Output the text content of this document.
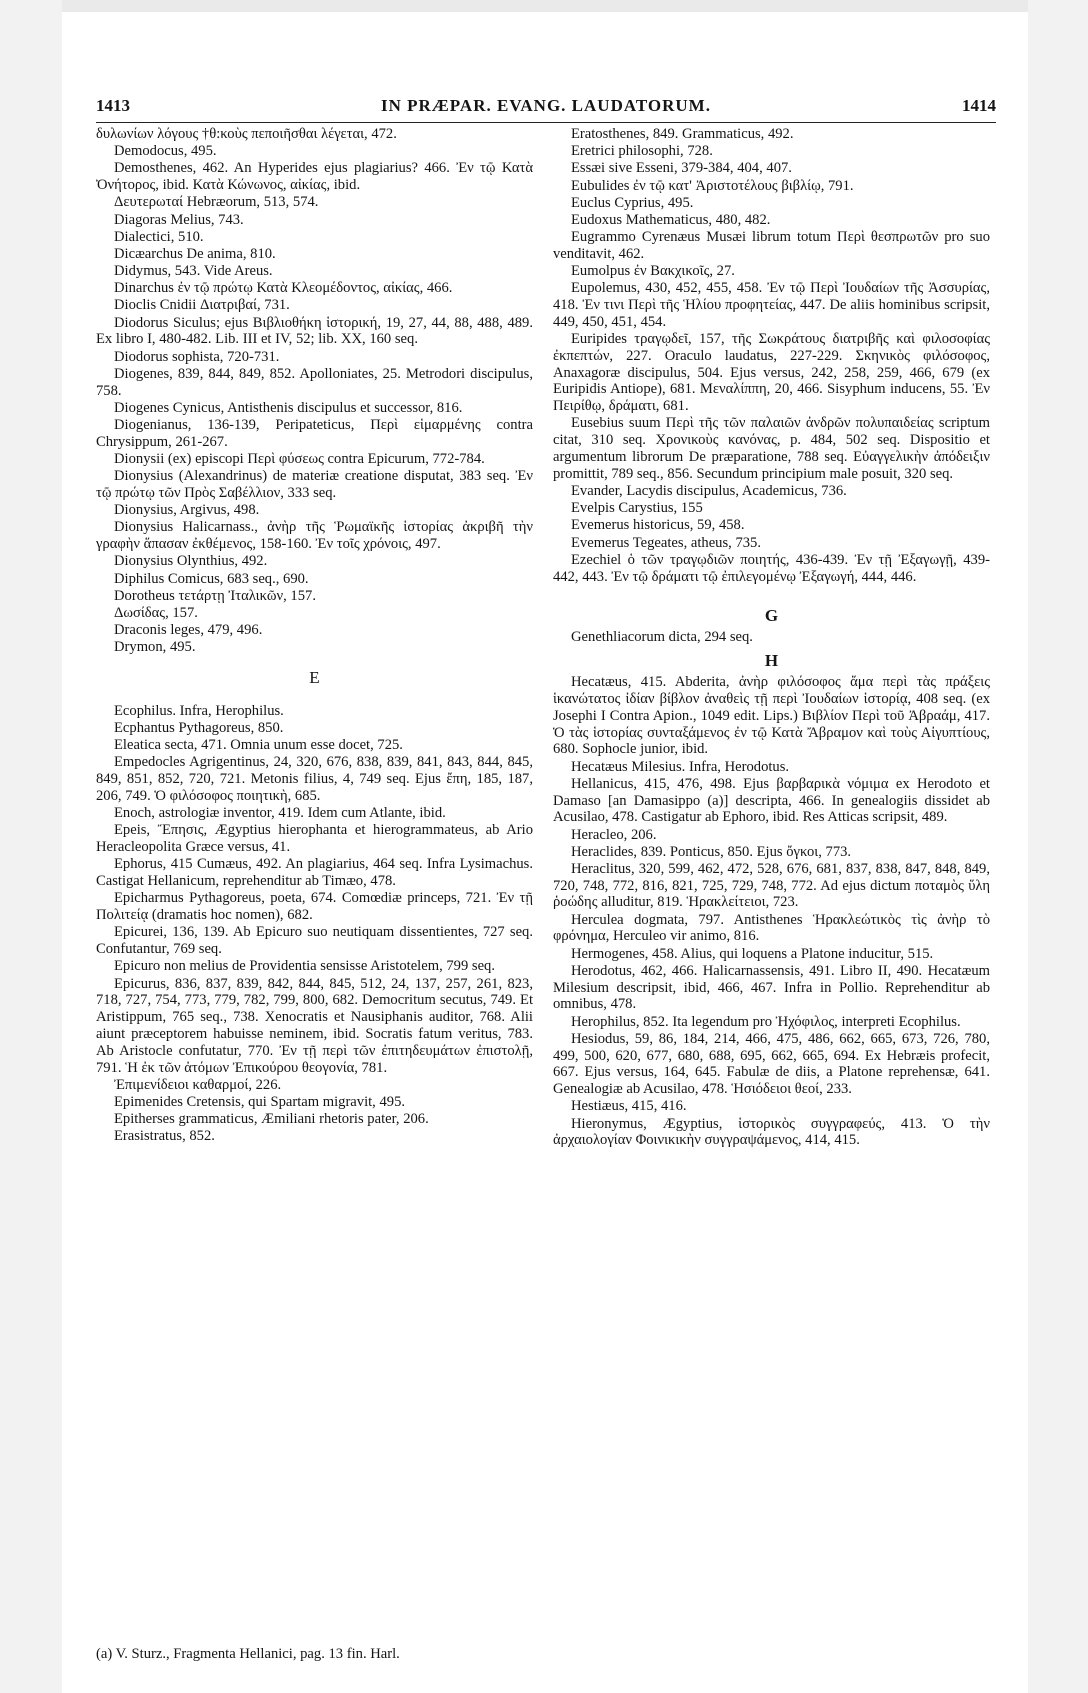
1413	IN PRÆPAR. EVANG. LAUDATORUM.	1414
δυλωνίων λόγους †θ:κοὺς πεποιῆσθαι λέγεται, 472.
Demodocus, 495.
Demosthenes, 462. An Hyperides ejus plagiarius? 466. Ἐν τῷ Κατὰ Ὀνήτορος, ibid. Κατὰ Κώνωνος, αἰκίας, ibid.
Δευτερωταί Hebræorum, 513, 574.
Diagoras Melius, 743.
Dialectici, 510.
Dicæarchus De anima, 810.
Didymus, 543. Vide Areus.
Dinarchus ἐν τῷ πρώτῳ Κατὰ Κλεομέδοντος, αἰκίας, 466.
Dioclis Cnidii Διατριβαί, 731.
Diodorus Siculus; ejus Βιβλιοθήκη ἱστορική, 19, 27, 44, 88, 488, 489. Ex libro I, 480-482. Lib. III et IV, 52; lib. XX, 160 seq.
Diodorus sophista, 720-731.
Diogenes, 839, 844, 849, 852. Apolloniates, 25. Metrodori discipulus, 758.
Diogenes Cynicus, Antisthenis discipulus et successor, 816.
Diogenianus, 136-139, Peripateticus, Περὶ εἱμαρμένης contra Chrysippum, 261-267.
Dionysii (ex) episcopi Περὶ φύσεως contra Epicurum, 772-784.
Dionysius (Alexandrinus) de materiæ creatione disputat, 383 seq. Ἐν τῷ πρώτῳ τῶν Πρὸς Σαβέλλιον, 333 seq.
Dionysius, Argivus, 498.
Dionysius Halicarnass., ἀνὴρ τῆς Ῥωμαϊκῆς ἱστορίας ἀκριβῆ τὴν γραφὴν ἅπασαν ἐκθέμενος, 158-160. Ἐν τοῖς χρόνοις, 497.
Dionysius Olynthius, 492.
Diphilus Comicus, 683 seq., 690.
Dorotheus τετάρτῃ Ἰταλικῶν, 157.
Δωσίδας, 157.
Draconis leges, 479, 496.
Drymon, 495.
E
Ecophilus. Infra, Herophilus.
Ecphantus Pythagoreus, 850.
Eleatica secta, 471. Omnia unum esse docet, 725.
Empedocles Agrigentinus, 24, 320, 676, 838, 839, 841, 843, 844, 845, 849, 851, 852, 720, 721. Metonis filius, 4, 749 seq. Ejus ἔπη, 185, 187, 206, 749. Ὁ φιλόσοφος ποιητικὴ, 685.
Enoch, astrologiæ inventor, 419. Idem cum Atlante, ibid.
Epeis, Ἔπησις, Ægyptius hierophanta et hierogrammateus, ab Ario Heracleopolita Græce versus, 41.
Ephorus, 415 Cumæus, 492. An plagiarius, 464 seq. Infra Lysimachus. Castigat Hellanicum, reprehenditur ab Timæo, 478.
Epicharmus Pythagoreus, poeta, 674. Comœdiæ princeps, 721. Ἐν τῇ Πολιτείᾳ (dramatis hoc nomen), 682.
Epicurei, 136, 139. Ab Epicuro suo neutiquam dissentientes, 727 seq. Confutantur, 769 seq.
Epicuro non melius de Providentia sensisse Aristotelem, 799 seq.
Epicurus, 836, 837, 839, 842, 844, 845, 512, 24, 137, 257, 261, 823, 718, 727, 754, 773, 779, 782, 799, 800, 682. Democritum secutus, 749. Et Aristippum, 765 seq., 738. Xenocratis et Nausiphanis auditor, 768. Alii aiunt præceptorem habuisse neminem, ibid. Socratis fatum veritus, 783. Ab Aristocle confutatur, 770. Ἐν τῇ περὶ τῶν ἐπιτηδευμάτων ἐπιστολῇ, 791. Ἡ ἐκ τῶν ἀτόμων Ἐπικούρου θεογονία, 781.
Ἐπιμενίδειοι καθαρμοί, 226.
Epimenides Cretensis, qui Spartam migravit, 495.
Epitherses grammaticus, Æmiliani rhetoris pater, 206.
Erasistratus, 852.
Eratosthenes, 849. Grammaticus, 492.
Eretrici philosophi, 728.
Essæi sive Esseni, 379-384, 404, 407.
Eubulides ἐν τῷ κατ' Ἀριστοτέλους βιβλίῳ, 791.
Euclus Cyprius, 495.
Eudoxus Mathematicus, 480, 482.
Eugrammo Cyrenæus Musæi librum totum Περὶ θεσπρωτῶν pro suo venditavit, 462.
Eumolpus ἐν Βακχικοῖς, 27.
Eupolemus, 430, 452, 455, 458. Ἐν τῷ Περὶ Ἰουδαίων τῆς Ἀσσυρίας, 418. Ἐν τινι Περὶ τῆς Ἡλίου προφητείας, 447. De aliis hominibus scripsit, 449, 450, 451, 454.
Euripides τραγῳδεῖ, 157, τῆς Σωκράτους διατριβῆς καὶ φιλοσοφίας ἐκπεπτών, 227. Oraculo laudatus, 227-229. Σκηνικὸς φιλόσοφος, Anaxagoræ discipulus, 504. Ejus versus, 242, 258, 259, 466, 679 (ex Euripidis Antiope), 681. Μεναλίππη, 20, 466. Sisyphum inducens, 55. Ἐν Πειρίθῳ, δράματι, 681.
Eusebius suum Περὶ τῆς τῶν παλαιῶν ἀνδρῶν πολυπαιδείας scriptum citat, 310 seq. Χρονικοὺς κανόνας, p. 484, 502 seq. Dispositio et argumentum librorum De præparatione, 788 seq. Εὐαγγελικὴν ἀπόδειξιν promittit, 789 seq., 856. Secundum principium male posuit, 320 seq.
Evander, Lacydis discipulus, Academicus, 736.
Evelpis Carystius, 155
Evemerus historicus, 59, 458.
Evemerus Tegeates, atheus, 735.
Ezechiel ὁ τῶν τραγῳδιῶν ποιητής, 436-439. Ἐν τῇ Ἐξαγωγῇ, 439-442, 443. Ἐν τῷ δράματι τῷ ἐπιλεγομένῳ Ἐξαγωγή, 444, 446.
G
Genethliacorum dicta, 294 seq.
H
Hecatæus, 415. Abderita, ἀνὴρ φιλόσοφος ἅμα περὶ τὰς πράξεις ἱκανώτατος ἰδίαν βίβλον ἀναθεὶς τῇ περὶ Ἰουδαίων ἱστορίᾳ, 408 seq. (ex Josephi I Contra Apion., 1049 edit. Lips.) Βιβλίον Περὶ τοῦ Ἀβραάμ, 417. Ὁ τὰς ἱστορίας συνταξάμενος ἐν τῷ Κατὰ Ἄβραμον καὶ τοὺς Αἰγυπτίους, 680. Sophocle junior, ibid.
Hecatæus Milesius. Infra, Herodotus.
Hellanicus, 415, 476, 498. Ejus βαρβαρικὰ νόμιμα ex Herodoto et Damaso [an Damasippo (a)] descripta, 466. In genealogiis dissidet ab Acusilao, 478. Castigatur ab Ephoro, ibid. Res Atticas scripsit, 489.
Heracleo, 206.
Heraclides, 839. Ponticus, 850. Ejus ὄγκοι, 773.
Heraclitus, 320, 599, 462, 472, 528, 676, 681, 837, 838, 847, 848, 849, 720, 748, 772, 816, 821, 725, 729, 748, 772. Ad ejus dictum ποταμὸς ὕλη ῥοώδης alluditur, 819. Ἡρακλείτειοι, 723.
Herculea dogmata, 797. Antisthenes Ἡρακλεώτικὸς τὶς ἀνὴρ τὸ φρόνημα, Herculeo vir animo, 816.
Hermogenes, 458. Alius, qui loquens a Platone inducitur, 515.
Herodotus, 462, 466. Halicarnassensis, 491. Libro II, 490. Hecatæum Milesium descripsit, ibid, 466, 467. Infra in Pollio. Reprehenditur ab omnibus, 478.
Herophilus, 852. Ita legendum pro Ἠχόφιλος, interpreti Ecophilus.
Hesiodus, 59, 86, 184, 214, 466, 475, 486, 662, 665, 673, 726, 780, 499, 500, 620, 677, 680, 688, 695, 662, 665, 694. Ex Hebræis profecit, 667. Ejus versus, 164, 645. Fabulæ de diis, a Platone reprehensæ, 641. Genealogiæ ab Acusilao, 478. Ἡσιόδειοι θεοί, 233.
Hestiæus, 415, 416.
Hieronymus, Ægyptius, ἱστορικὸς συγγραφεύς, 413. Ὁ τὴν ἀρχαιολογίαν Φοινικικὴν συγγραψάμενος, 414, 415.
(a) V. Sturz., Fragmenta Hellanici, pag. 13 fin. Harl.
